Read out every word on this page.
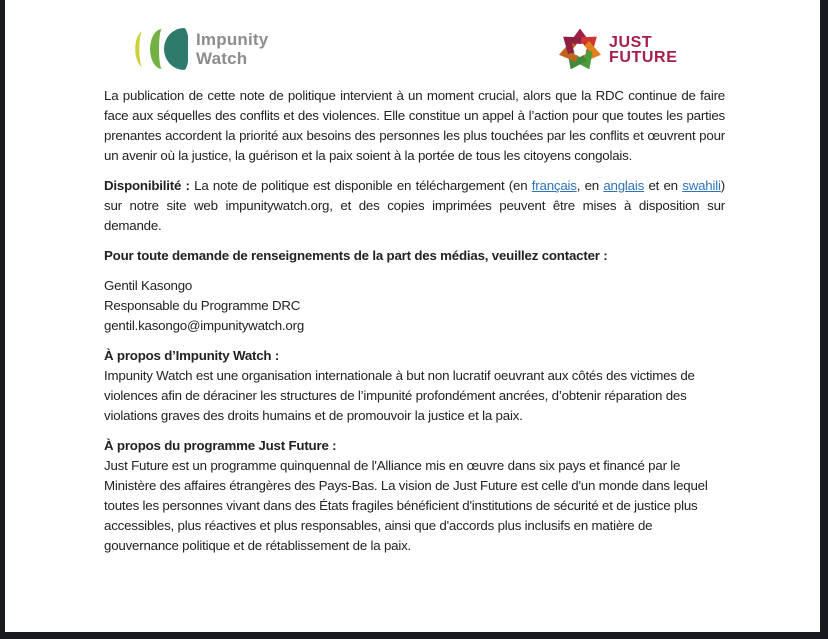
Impunity
Watch
JUST
FUTURE

La publication de cette note de politique intervient à un moment crucial, alors que la RDC continue de faire face aux séquelles des conflits et des violences. Elle constitue un appel à l’action pour que toutes les parties prenantes accordent la priorité aux besoins des personnes les plus touchées par les conflits et œuvrent pour un avenir où la justice, la guérison et la paix soient à la portée de tous les citoyens congolais.

Disponibilité : La note de politique est disponible en téléchargement (en français, en anglais et en swahili) sur notre site web impunitywatch.org, et des copies imprimées peuvent être mises à disposition sur demande.

Pour toute demande de renseignements de la part des médias, veuillez contacter :

Gentil Kasongo
Responsable du Programme DRC
gentil.kasongo@impunitywatch.org
À propos d’Impunity Watch :
Impunity Watch est une organisation internationale à but non lucratif oeuvrant aux côtés des victimes de violences afin de déraciner les structures de l’impunité profondément ancrées, d’obtenir réparation des violations graves des droits humains et de promouvoir la justice et la paix.
À propos du programme Just Future :
Just Future est un programme quinquennal de l'Alliance mis en œuvre dans six pays et financé par le Ministère des affaires étrangères des Pays-Bas. La vision de Just Future est celle d'un monde dans lequel toutes les personnes vivant dans des États fragiles bénéficient d'institutions de sécurité et de justice plus accessibles, plus réactives et plus responsables, ainsi que d'accords plus inclusifs en matière de gouvernance politique et de rétablissement de la paix.
